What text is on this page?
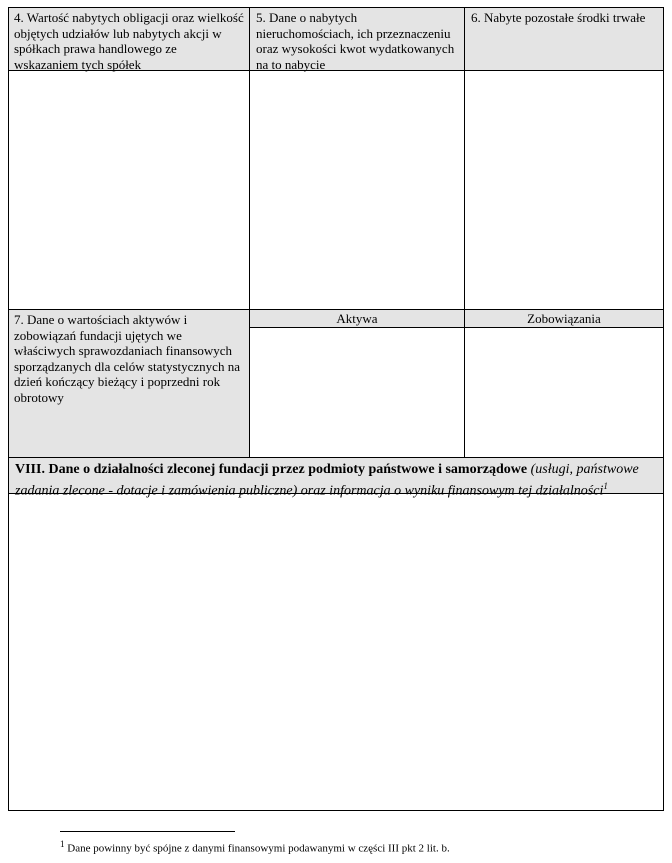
4. Wartość nabytych obligacji oraz wielkość objętych udziałów lub nabytych akcji w spółkach prawa handlowego ze wskazaniem tych spółek
5. Dane o nabytych nieruchomościach, ich przeznaczeniu oraz wysokości kwot wydatkowanych na to nabycie
6. Nabyte pozostałe środki trwałe
7. Dane o wartościach aktywów i zobowiązań fundacji ujętych we właściwych sprawozdaniach finansowych sporządzanych dla celów statystycznych na dzień kończący bieżący i poprzedni rok obrotowy
Aktywa	Zobowiązania
VIII. Dane o działalności zleconej fundacji przez podmioty państwowe i samorządowe (usługi, państwowe zadania zlecone - dotacje i zamówienia publiczne) oraz informacja o wyniku finansowym tej działalności$^1$
$^1$ Dane powinny być spójne z danymi finansowymi podawanymi w części III pkt 2 lit. b.
